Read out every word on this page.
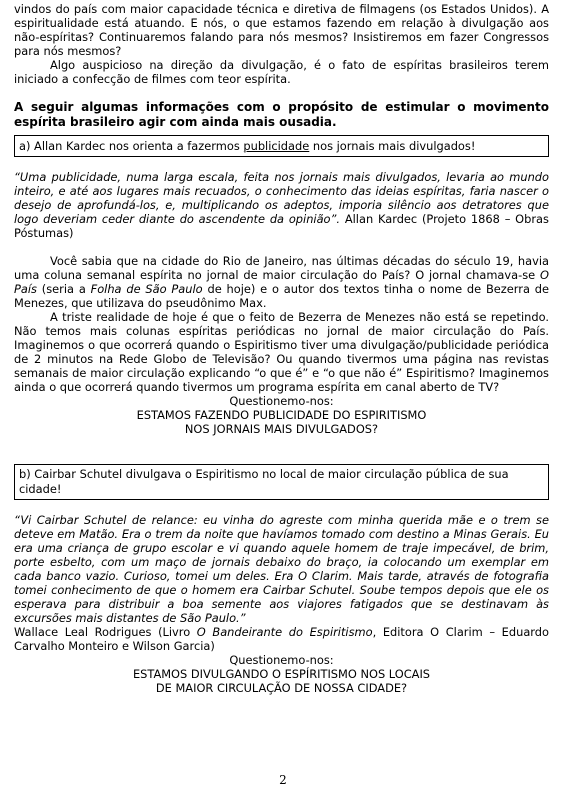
vindos do país com maior capacidade técnica e diretiva de filmagens (os Estados Unidos). A espiritualidade está atuando. E nós, o que estamos fazendo em relação à divulgação aos não-espíritas? Continuaremos falando para nós mesmos? Insistiremos em fazer Congressos para nós mesmos?

Algo auspicioso na direção da divulgação, é o fato de espíritas brasileiros terem iniciado a confecção de filmes com teor espírita.

A seguir algumas informações com o propósito de estimular o movimento espírita brasileiro agir com ainda mais ousadia.

a) Allan Kardec nos orienta a fazermos publicidade nos jornais mais divulgados!

“Uma publicidade, numa larga escala, feita nos jornais mais divulgados, levaria ao mundo inteiro, e até aos lugares mais recuados, o conhecimento das ideias espíritas, faria nascer o desejo de aprofundá-los, e, multiplicando os adeptos, imporia silêncio aos detratores que logo deveriam ceder diante do ascendente da opinião”. Allan Kardec (Projeto 1868 – Obras Póstumas)

Você sabia que na cidade do Rio de Janeiro, nas últimas décadas do século 19, havia uma coluna semanal espírita no jornal de maior circulação do País? O jornal chamava-se O País (seria a Folha de São Paulo de hoje) e o autor dos textos tinha o nome de Bezerra de Menezes, que utilizava do pseudônimo Max.

A triste realidade de hoje é que o feito de Bezerra de Menezes não está se repetindo. Não temos mais colunas espíritas periódicas no jornal de maior circulação do País. Imaginemos o que ocorrerá quando o Espiritismo tiver uma divulgação/publicidade periódica de 2 minutos na Rede Globo de Televisão? Ou quando tivermos uma página nas revistas semanais de maior circulação explicando “o que é” e “o que não é” Espiritismo? Imaginemos ainda o que ocorrerá quando tivermos um programa espírita em canal aberto de TV?

Questionemo-nos:
ESTAMOS FAZENDO PUBLICIDADE DO ESPIRITISMO
NOS JORNAIS MAIS DIVULGADOS?
b) Cairbar Schutel divulgava o Espiritismo no local de maior circulação pública de sua cidade!

“Vi Cairbar Schutel de relance: eu vinha do agreste com minha querida mãe e o trem se deteve em Matão. Era o trem da noite que havíamos tomado com destino a Minas Gerais. Eu era uma criança de grupo escolar e vi quando aquele homem de traje impecável, de brim, porte esbelto, com um maço de jornais debaixo do braço, ia colocando um exemplar em cada banco vazio. Curioso, tomei um deles. Era O Clarim. Mais tarde, através de fotografia tomei conhecimento de que o homem era Cairbar Schutel. Soube tempos depois que ele os esperava para distribuir a boa semente aos viajores fatigados que se destinavam às excursões mais distantes de São Paulo.”

Wallace Leal Rodrigues (Livro O Bandeirante do Espiritismo, Editora O Clarim – Eduardo Carvalho Monteiro e Wilson Garcia)

Questionemo-nos:
ESTAMOS DIVULGANDO O ESPÍRITISMO NOS LOCAIS
DE MAIOR CIRCULAÇÃO DE NOSSA CIDADE?
2
